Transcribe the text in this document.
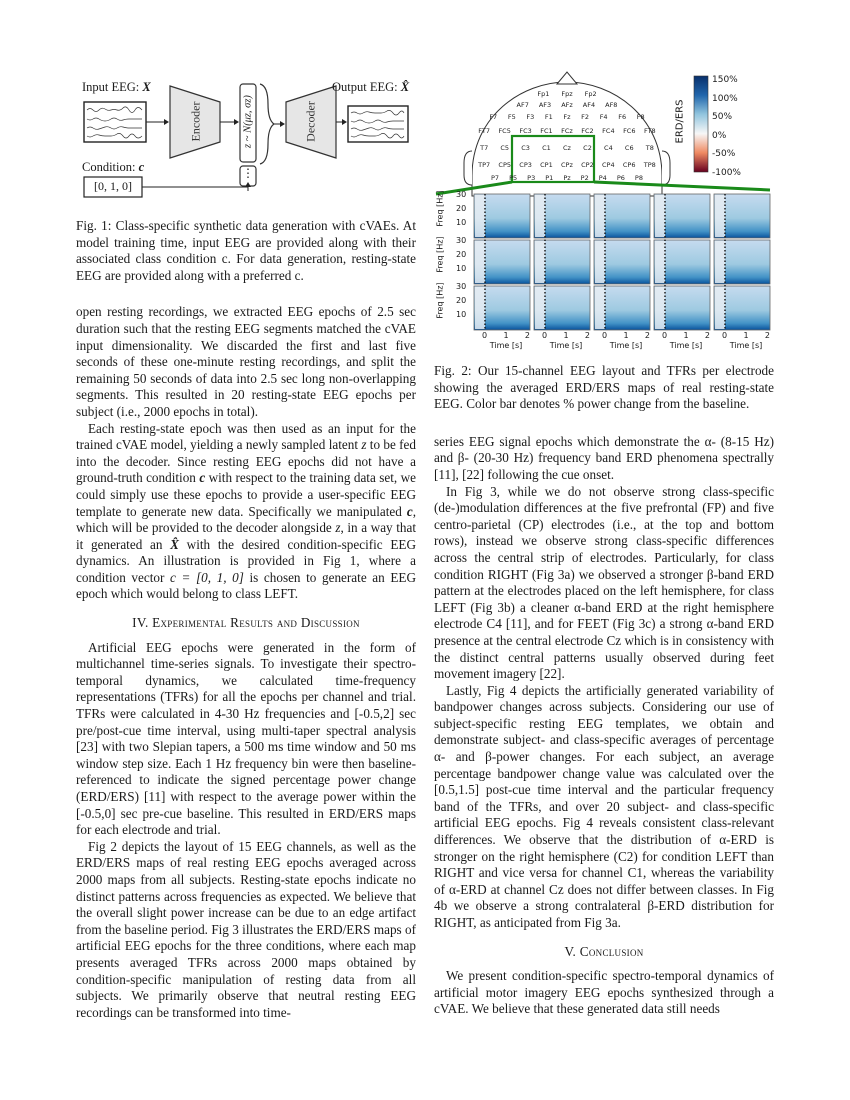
Input EEG: X
Encoder	z ~ N(μz, σz)
⋮
Decoder
Output EEG: X̂
Condition: c
[0, 1, 0]
Fp1 Fpz Fp2
AF7 AF3 AFz AF4 AF8
F7 F5 F3 F1 Fz F2 F4 F6 F8
FT7 FC5 FC3 FC1 FCz FC2 FC4 FC6 FT8
T7 C5 C3 C1 Cz C2 C4 C6 T8
TP7 CP5 CP3 CP1 CPz CP2 CP4 CP6 TP8
P7 P5 P3 P1 Pz P2 P4 P6 P8
ERD/ERS
150%
100%
50%
0%
-50%
-100%
Freq [Hz]
Freq [Hz]
Freq [Hz]
30
20
10
30
20
10
30
20
10
0 1 2 0 1 2 0 1 2 0 1 2 0 1 2
Time [s]	Time [s]	Time [s]	Time [s]	Time [s]

Fig. 1: Class-specific synthetic data generation with cVAEs. At model training time, input EEG are provided along with their associated class condition c. For data generation, resting-state EEG are provided along with a preferred c.

open resting recordings, we extracted EEG epochs of 2.5 sec duration such that the resting EEG segments matched the cVAE input dimensionality. We discarded the first and last five seconds of these one-minute resting recordings, and split the remaining 50 seconds of data into 2.5 sec long non-overlapping segments. This resulted in 20 resting-state EEG epochs per subject (i.e., 2000 epochs in total).

Each resting-state epoch was then used as an input for the trained cVAE model, yielding a newly sampled latent z to be fed into the decoder. Since resting EEG epochs did not have a ground-truth condition c with respect to the training data set, we could simply use these epochs to provide a user-specific EEG template to generate new data. Specifically we manipulated c, which will be provided to the decoder alongside z, in a way that it generated an X̂ with the desired condition-specific EEG dynamics. An illustration is provided in Fig 1, where a condition vector c = [0, 1, 0] is chosen to generate an EEG epoch which would belong to class LEFT.

IV. Experimental Results and Discussion

Artificial EEG epochs were generated in the form of multichannel time-series signals. To investigate their spectro-temporal dynamics, we calculated time-frequency representations (TFRs) for all the epochs per channel and trial. TFRs were calculated in 4-30 Hz frequencies and [-0.5,2] sec pre/post-cue time interval, using multi-taper spectral analysis [23] with two Slepian tapers, a 500 ms time window and 50 ms window step size. Each 1 Hz frequency bin were then baseline-referenced to indicate the signed percentage power change (ERD/ERS) [11] with respect to the average power within the [-0.5,0] sec pre-cue baseline. This resulted in ERD/ERS maps for each electrode and trial.

Fig 2 depicts the layout of 15 EEG channels, as well as the ERD/ERS maps of real resting EEG epochs averaged across 2000 maps from all subjects. Resting-state epochs indicate no distinct patterns across frequencies as expected. We believe that the overall slight power increase can be due to an edge artifact from the baseline period. Fig 3 illustrates the ERD/ERS maps of artificial EEG epochs for the three conditions, where each map presents averaged TFRs across 2000 maps obtained by condition-specific manipulation of resting data from all subjects. We primarily observe that neutral resting EEG recordings can be transformed into time-

Fig. 2: Our 15-channel EEG layout and TFRs per electrode showing the averaged ERD/ERS maps of real resting-state EEG. Color bar denotes % power change from the baseline.

series EEG signal epochs which demonstrate the α- (8-15 Hz) and β- (20-30 Hz) frequency band ERD phenomena spectrally [11], [22] following the cue onset.

In Fig 3, while we do not observe strong class-specific (de-)modulation differences at the five prefrontal (FP) and five centro-parietal (CP) electrodes (i.e., at the top and bottom rows), instead we observe strong class-specific differences across the central strip of electrodes. Particularly, for class condition RIGHT (Fig 3a) we observed a stronger β-band ERD pattern at the electrodes placed on the left hemisphere, for class LEFT (Fig 3b) a cleaner α-band ERD at the right hemisphere electrode C4 [11], and for FEET (Fig 3c) a strong α-band ERD presence at the central electrode Cz which is in consistency with the distinct central patterns usually observed during feet movement imagery [22].

Lastly, Fig 4 depicts the artificially generated variability of bandpower changes across subjects. Considering our use of subject-specific resting EEG templates, we obtain and demonstrate subject- and class-specific averages of percentage α- and β-power changes. For each subject, an average percentage bandpower change value was calculated over the [0.5,1.5] post-cue time interval and the particular frequency band of the TFRs, and over 20 subject- and class-specific artificial EEG epochs. Fig 4 reveals consistent class-relevant differences. We observe that the distribution of α-ERD is stronger on the right hemisphere (C2) for condition LEFT than RIGHT and vice versa for channel C1, whereas the variability of α-ERD at channel Cz does not differ between classes. In Fig 4b we observe a strong contralateral β-ERD distribution for RIGHT, as anticipated from Fig 3a.

V. Conclusion

We present condition-specific spectro-temporal dynamics of artificial motor imagery EEG epochs synthesized through a cVAE. We believe that these generated data still needs
